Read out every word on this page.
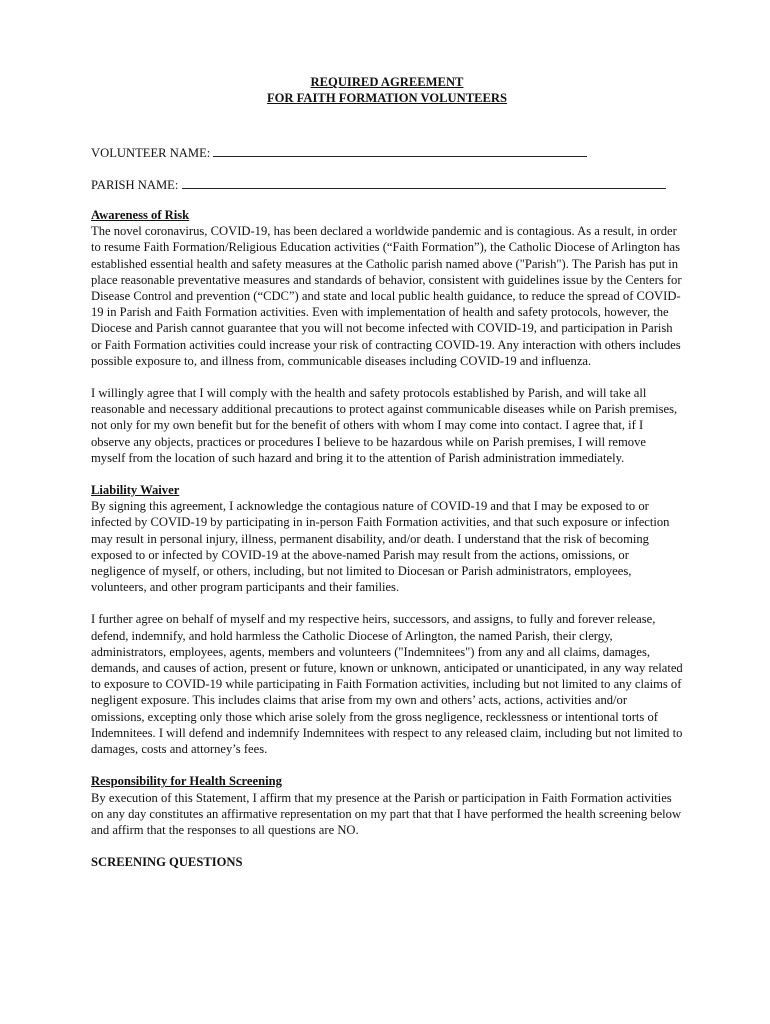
REQUIRED AGREEMENT
FOR FAITH FORMATION VOLUNTEERS
VOLUNTEER NAME:
PARISH NAME:
Awareness of Risk

The novel coronavirus, COVID-19, has been declared a worldwide pandemic and is contagious. As a result, in order to resume Faith Formation/Religious Education activities (“Faith Formation”), the Catholic Diocese of Arlington has established essential health and safety measures at the Catholic parish named above ("Parish"). The Parish has put in place reasonable preventative measures and standards of behavior, consistent with guidelines issue by the Centers for Disease Control and prevention (“CDC”) and state and local public health guidance, to reduce the spread of COVID-19 in Parish and Faith Formation activities. Even with implementation of health and safety protocols, however, the Diocese and Parish cannot guarantee that you will not become infected with COVID-19, and participation in Parish or Faith Formation activities could increase your risk of contracting COVID-19. Any interaction with others includes possible exposure to, and illness from, communicable diseases including COVID-19 and influenza.

I willingly agree that I will comply with the health and safety protocols established by Parish, and will take all reasonable and necessary additional precautions to protect against communicable diseases while on Parish premises, not only for my own benefit but for the benefit of others with whom I may come into contact. I agree that, if I observe any objects, practices or procedures I believe to be hazardous while on Parish premises, I will remove myself from the location of such hazard and bring it to the attention of Parish administration immediately.

Liability Waiver

By signing this agreement, I acknowledge the contagious nature of COVID-19 and that I may be exposed to or infected by COVID-19 by participating in in-person Faith Formation activities, and that such exposure or infection may result in personal injury, illness, permanent disability, and/or death. I understand that the risk of becoming exposed to or infected by COVID-19 at the above-named Parish may result from the actions, omissions, or negligence of myself, or others, including, but not limited to Diocesan or Parish administrators, employees, volunteers, and other program participants and their families.

I further agree on behalf of myself and my respective heirs, successors, and assigns, to fully and forever release, defend, indemnify, and hold harmless the Catholic Diocese of Arlington, the named Parish, their clergy, administrators, employees, agents, members and volunteers ("Indemnitees") from any and all claims, damages, demands, and causes of action, present or future, known or unknown, anticipated or unanticipated, in any way related to exposure to COVID-19 while participating in Faith Formation activities, including but not limited to any claims of negligent exposure. This includes claims that arise from my own and others’ acts, actions, activities and/or omissions, excepting only those which arise solely from the gross negligence, recklessness or intentional torts of Indemnitees. I will defend and indemnify Indemnitees with respect to any released claim, including but not limited to damages, costs and attorney’s fees.

Responsibility for Health Screening

By execution of this Statement, I affirm that my presence at the Parish or participation in Faith Formation activities on any day constitutes an affirmative representation on my part that that I have performed the health screening below and affirm that the responses to all questions are NO.

SCREENING QUESTIONS
